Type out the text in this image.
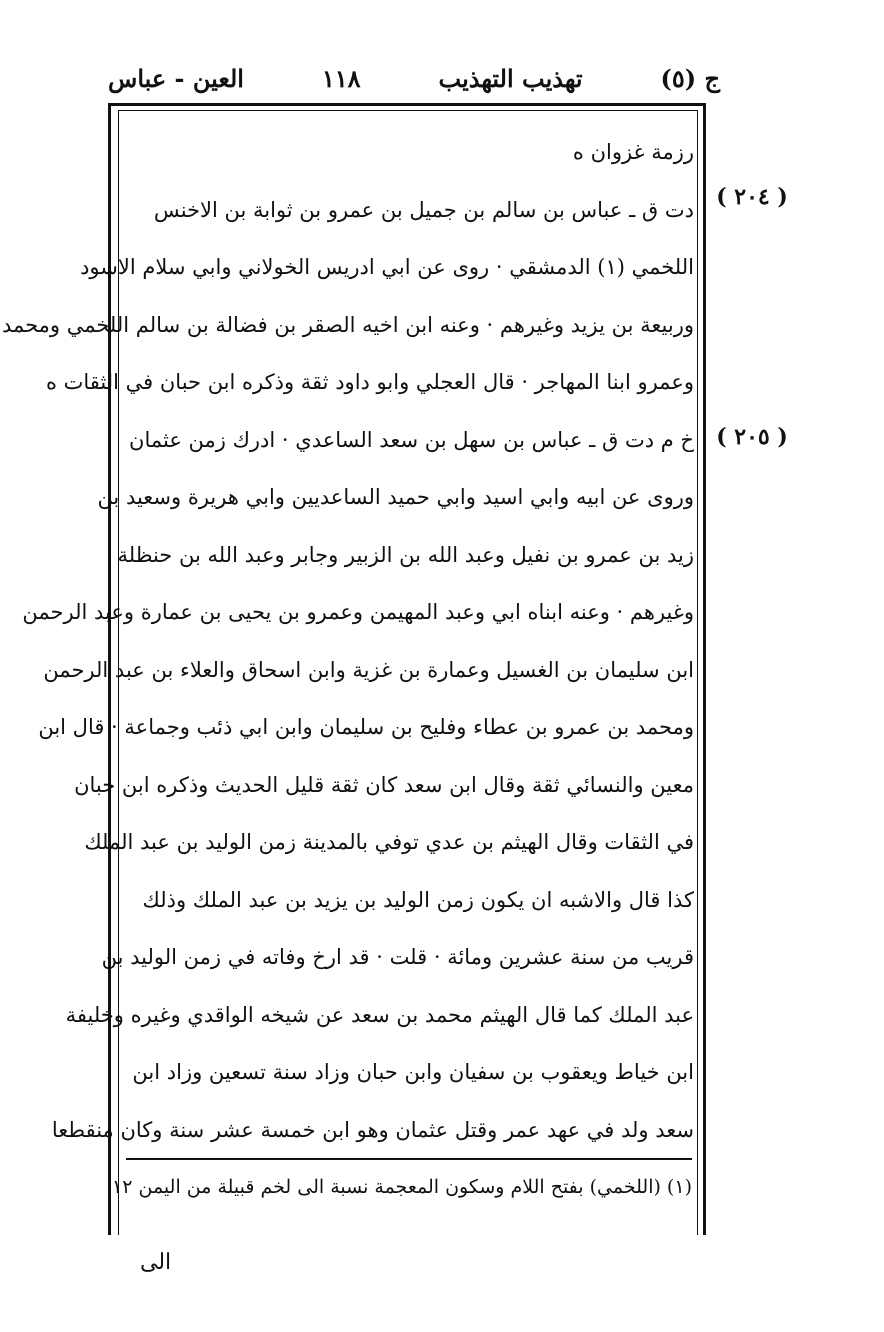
ج (٥)
تهذيب التهذيب
١١٨
العين - عباس
( ٢٠٤ )
( ٢٠٥ )
رزمة غزوان ه
دت ق ـ عباس بن سالم بن جميل بن عمرو بن ثوابة بن الاخنس
اللخمي (١) الدمشقي · روى عن ابي ادريس الخولاني وابي سلام الاسود
وربيعة بن يزيد وغيرهم · وعنه ابن اخيه الصقر بن فضالة بن سالم اللخمي ومحمد
وعمرو ابنا المهاجر · قال العجلي وابو داود ثقة وذكره ابن حبان في الثقات ه
خ م دت ق ـ عباس بن سهل بن سعد الساعدي · ادرك زمن عثمان
وروى عن ابيه وابي اسيد وابي حميد الساعديين وابي هريرة وسعيد بن
زيد بن عمرو بن نفيل وعبد الله بن الزبير وجابر وعبد الله بن حنظلة
وغيرهم · وعنه ابناه ابي وعبد المهيمن وعمرو بن يحيى بن عمارة وعبد الرحمن
ابن سليمان بن الغسيل وعمارة بن غزية وابن اسحاق والعلاء بن عبد الرحمن
ومحمد بن عمرو بن عطاء وفليح بن سليمان وابن ابي ذئب وجماعة · قال ابن
معين والنسائي ثقة وقال ابن سعد كان ثقة قليل الحديث وذكره ابن حبان
في الثقات وقال الهيثم بن عدي توفي بالمدينة زمن الوليد بن عبد الملك
كذا قال والاشبه ان يكون زمن الوليد بن يزيد بن عبد الملك وذلك
قريب من سنة عشرين ومائة · قلت · قد ارخ وفاته في زمن الوليد بن
عبد الملك كما قال الهيثم محمد بن سعد عن شيخه الواقدي وغيره وخليفة
ابن خياط ويعقوب بن سفيان وابن حبان وزاد سنة تسعين وزاد ابن
سعد ولد في عهد عمر وقتل عثمان وهو ابن خمسة عشر سنة وكان منقطعا
(١) (اللخمي) بفتح اللام وسكون المعجمة نسبة الى لخم قبيلة من اليمن ١٢
الى
